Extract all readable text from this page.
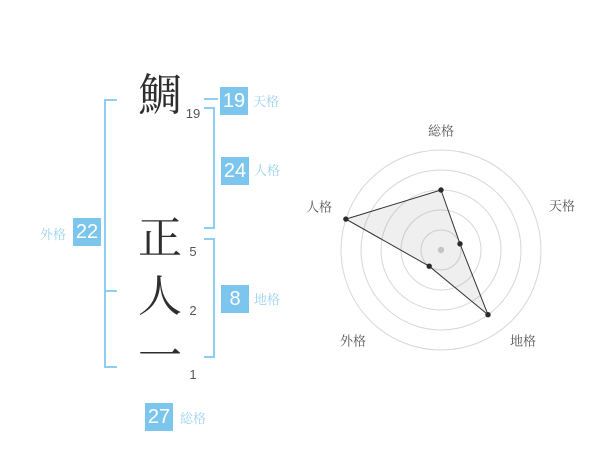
鯛
正
人
一
19
5
2
1
19 天格
24 人格
8	地格
22
外格
27 総格
総格
天格
地格
外格
人格
